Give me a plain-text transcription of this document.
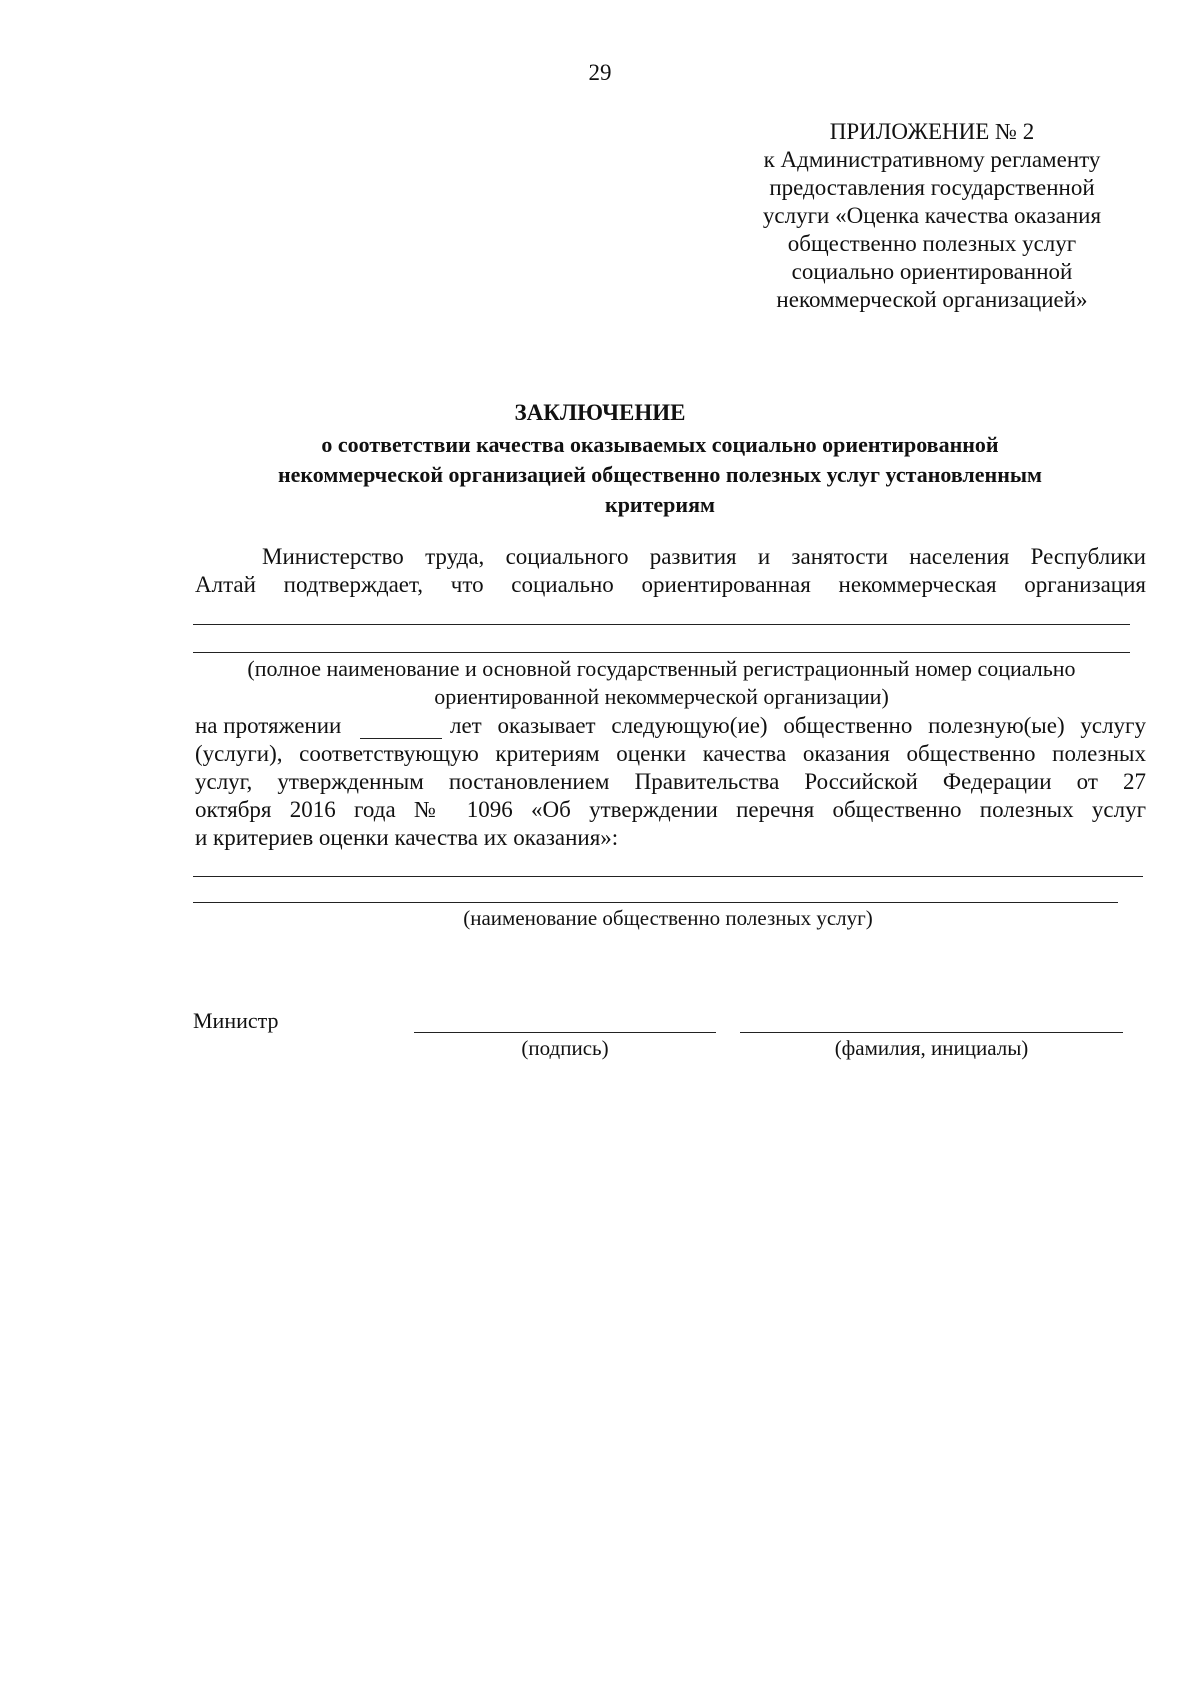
29
ПРИЛОЖЕНИЕ № 2
к Административному регламенту
предоставления государственной
услуги «Оценка качества оказания
общественно полезных услуг
социально ориентированной
некоммерческой организацией»
ЗАКЛЮЧЕНИЕ
о соответствии качества оказываемых социально ориентированной
некоммерческой организацией общественно полезных услуг установленным
критериям
Министерство труда, социального развития и занятости населения Республики
Алтай подтверждает, что социально ориентированная некоммерческая организация
(полное наименование и основной государственный регистрационный номер социально
ориентированной некоммерческой организации)
на протяжении	лет оказывает следующую(ие) общественно полезную(ые) услугу
(услуги), соответствующую критериям оценки качества оказания общественно полезных
услуг, утвержденным постановлением Правительства Российской Федерации от 27
октября 2016 года № 1096 «Об утверждении перечня общественно полезных услуг
и критериев оценки качества их оказания»:
(наименование общественно полезных услуг)
Министр
(подпись)	(фамилия, инициалы)
